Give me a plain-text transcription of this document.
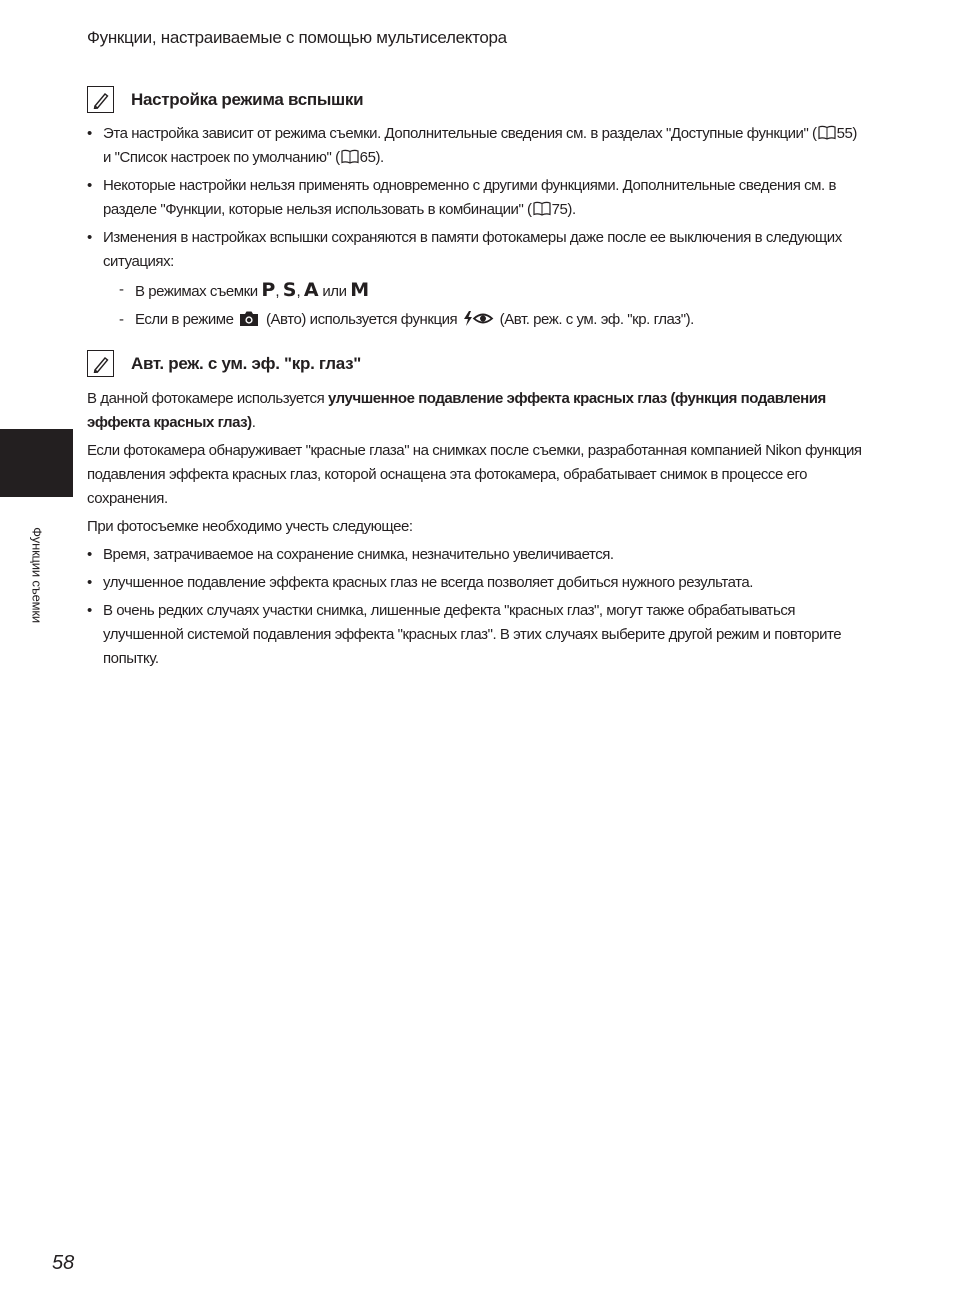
Функции, настраиваемые с помощью мультиселектора
Функции съемки
Настройка режима вспышки
• Эта настройка зависит от режима съемки. Дополнительные сведения см. в разделах "Доступные функции" ( 55) и "Список настроек по умолчанию" ( 65).
• Некоторые настройки нельзя применять одновременно с другими функциями. Дополнительные сведения см. в разделе "Функции, которые нельзя использовать в комбинации" ( 75).
• Изменения в настройках вспышки сохраняются в памяти фотокамеры даже после ее выключения в следующих ситуациях:
- В режимах съемки P, S, A или M
- Если в режиме  (Авто) используется функция  (Авт. реж. с ум. эф. "кр. глаз").
Авт. реж. с ум. эф. "кр. глаз"

В данной фотокамере используется улучшенное подавление эффекта красных глаз (функция подавления эффекта красных глаз).

Если фотокамера обнаруживает "красные глаза" на снимках после съемки, разработанная компанией Nikon функция подавления эффекта красных глаз, которой оснащена эта фотокамера, обрабатывает снимок в процессе его сохранения.

При фотосъемке необходимо учесть следующее:

• Время, затрачиваемое на сохранение снимка, незначительно увеличивается.
• улучшенное подавление эффекта красных глаз не всегда позволяет добиться нужного результата.
• В очень редких случаях участки снимка, лишенные дефекта "красных глаз", могут также обрабатываться улучшенной системой подавления эффекта "красных глаз". В этих случаях выберите другой режим и повторите попытку.
58
